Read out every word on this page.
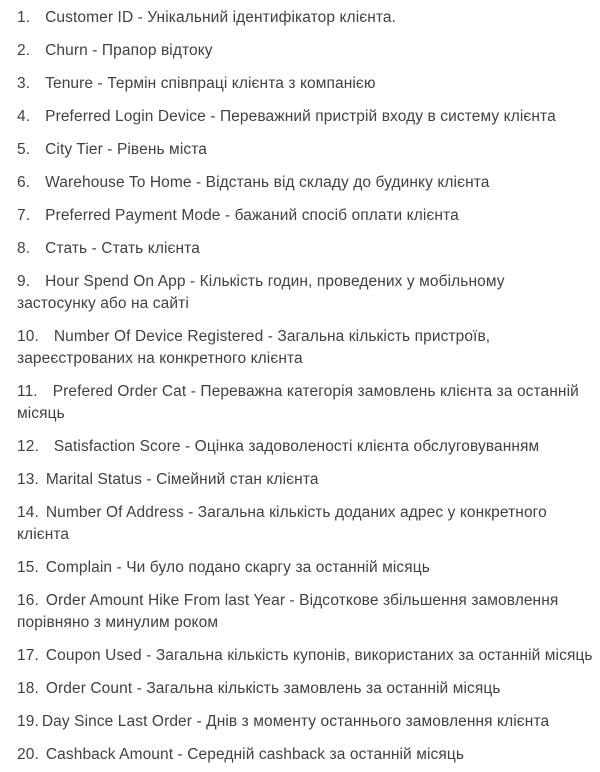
1. Customer ID - Унікальний ідентифікатор клієнта.

2. Churn - Прапор відтоку

3. Tenure - Термін співпраці клієнта з компанією

4. Preferred Login Device - Переважний пристрій входу в систему клієнта

5. City Tier - Рівень міста

6. Warehouse To Home - Відстань від складу до будинку клієнта

7. Preferred Payment Mode - бажаний спосіб оплати клієнта

8. Стать - Стать клієнта

9. Hour Spend On App - Кількість годин, проведених у мобільному
застосунку або на сайті

10. Number Of Device Registered - Загальна кількість пристроїв,
зареєстрованих на конкретного клієнта

11. Prefered Order Cat - Переважна категорія замовлень клієнта за останній
місяць

12. Satisfaction Score - Оцінка задоволеності клієнта обслуговуванням

13. Marital Status - Сімейний стан клієнта

14. Number Of Address - Загальна кількість доданих адрес у конкретного
клієнта

15. Complain - Чи було подано скаргу за останній місяць

16. Order Amount Hike From last Year - Відсоткове збільшення замовлення
порівняно з минулим роком

17. Coupon Used - Загальна кількість купонів, використаних за останній місяць

18. Order Count - Загальна кількість замовлень за останній місяць

19. Day Since Last Order - Днів з моменту останнього замовлення клієнта

20. Cashback Amount - Середній cashback за останній місяць
